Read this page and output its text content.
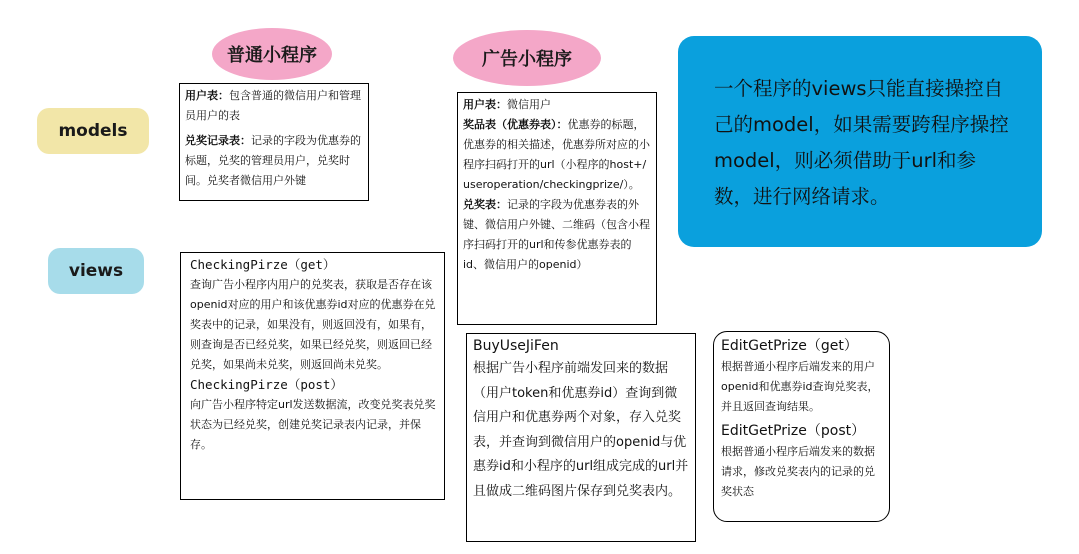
普通小程序	广告小程序
models
views

用户表：包含普通的微信用户和管理员用户的表

兑奖记录表：记录的字段为优惠券的标题，兑奖的管理员用户，兑奖时间。兑奖者微信用户外键

用户表：微信用户

奖品表（优惠券表）：优惠券的标题，优惠券的相关描述，优惠券所对应的小程序扫码打开的url（小程序的host+/useroperation/checkingprize/）。

兑奖表：记录的字段为优惠券表的外键、微信用户外键、二维码（包含小程序扫码打开的url和传参优惠券表的id、微信用户的openid）

CheckingPirze（get）

查询广告小程序内用户的兑奖表，获取是否存在该openid对应的用户和该优惠券id对应的优惠券在兑奖表中的记录，如果没有，则返回没有，如果有，则查询是否已经兑奖，如果已经兑奖，则返回已经兑奖，如果尚未兑奖，则返回尚未兑奖。

CheckingPirze（post）

向广告小程序特定url发送数据流，改变兑奖表兑奖状态为已经兑奖，创建兑奖记录表内记录，并保存。

BuyUseJiFen

根据广告小程序前端发回来的数据（用户token和优惠券id）查询到微信用户和优惠券两个对象，存入兑奖表，并查询到微信用户的openid与优惠券id和小程序的url组成完成的url并且做成二维码图片保存到兑奖表内。

EditGetPrize（get）

根据普通小程序后端发来的用户openid和优惠券id查询兑奖表，并且返回查询结果。

EditGetPrize（post）

根据普通小程序后端发来的数据请求，修改兑奖表内的记录的兑奖状态

一个程序的views只能直接操控自己的model，如果需要跨程序操控model，则必须借助于url和参数，进行网络请求。
